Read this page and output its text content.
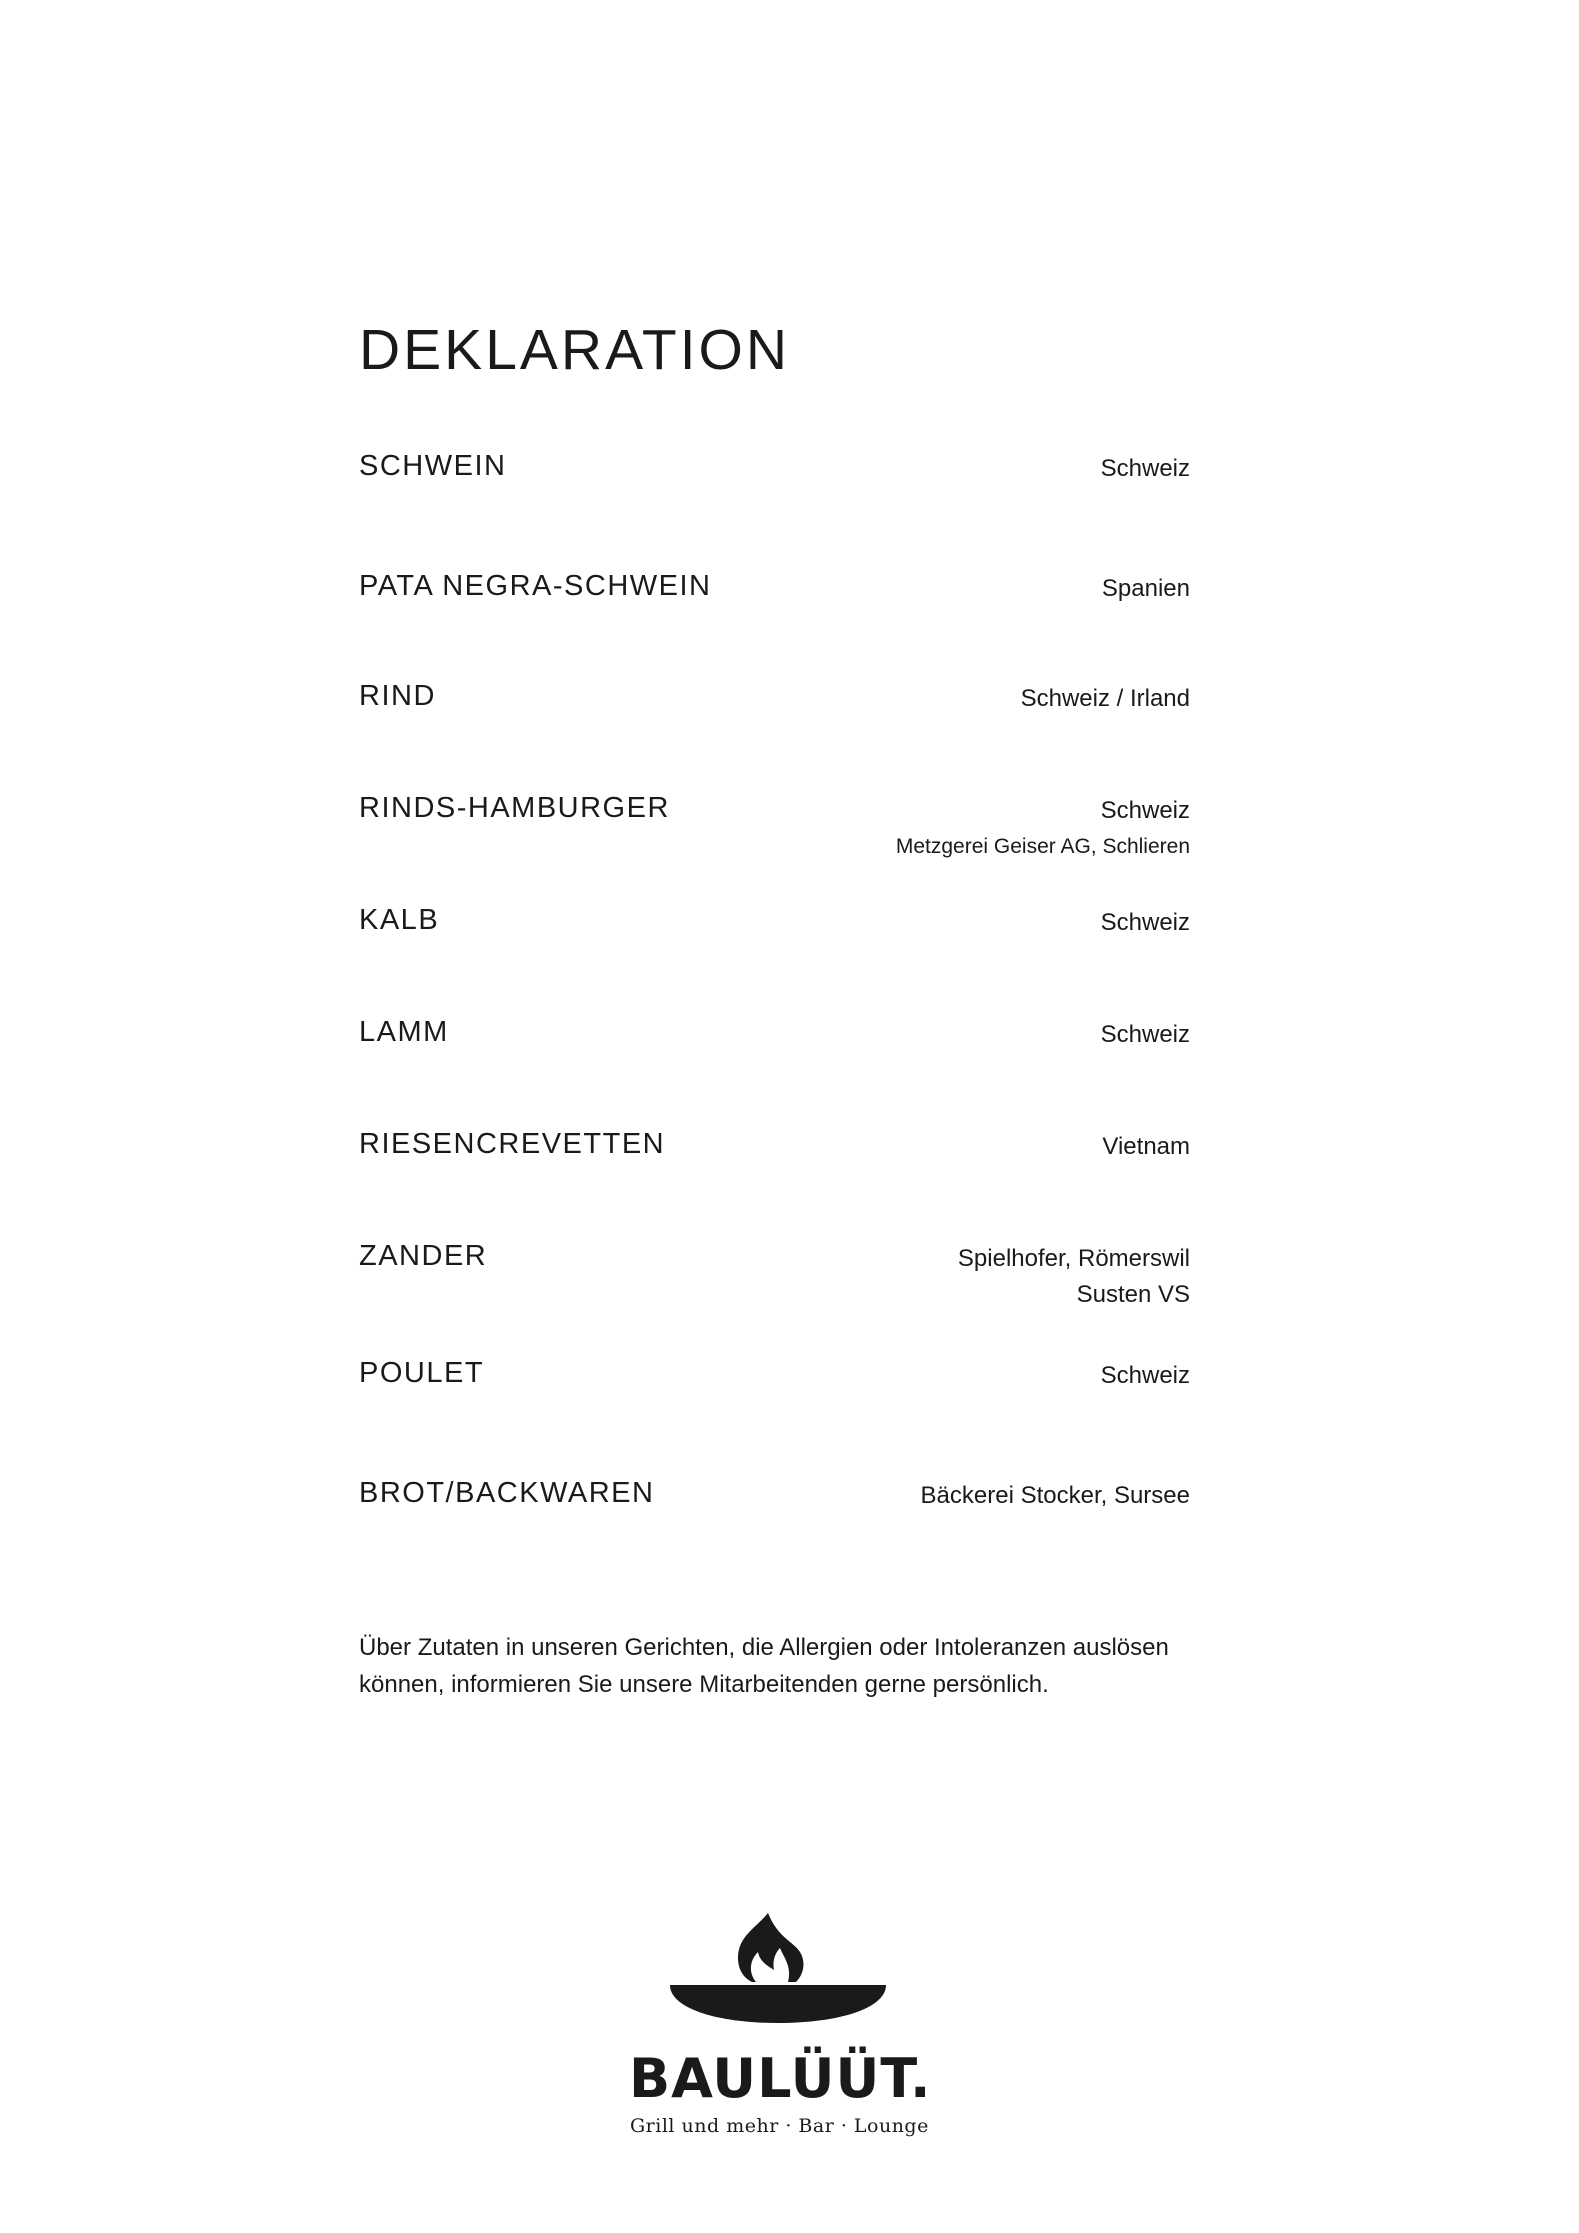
DEKLARATION
SCHWEIN	Schweiz
PATA NEGRA-SCHWEIN	Spanien
RIND	Schweiz / Irland
RINDS-HAMBURGER	Schweiz
Metzgerei Geiser AG, Schlieren
KALB	Schweiz
LAMM	Schweiz
RIESENCREVETTEN	Vietnam
ZANDER	Spielhofer, Römerswil
Susten VS
POULET	Schweiz
BROT/BACKWAREN	Bäckerei Stocker, Sursee
Über Zutaten in unseren Gerichten, die Allergien oder Intoleranzen auslösen
können, informieren Sie unsere Mitarbeitenden gerne persönlich.
BAULÜÜT.
Grill und mehr · Bar · Lounge
